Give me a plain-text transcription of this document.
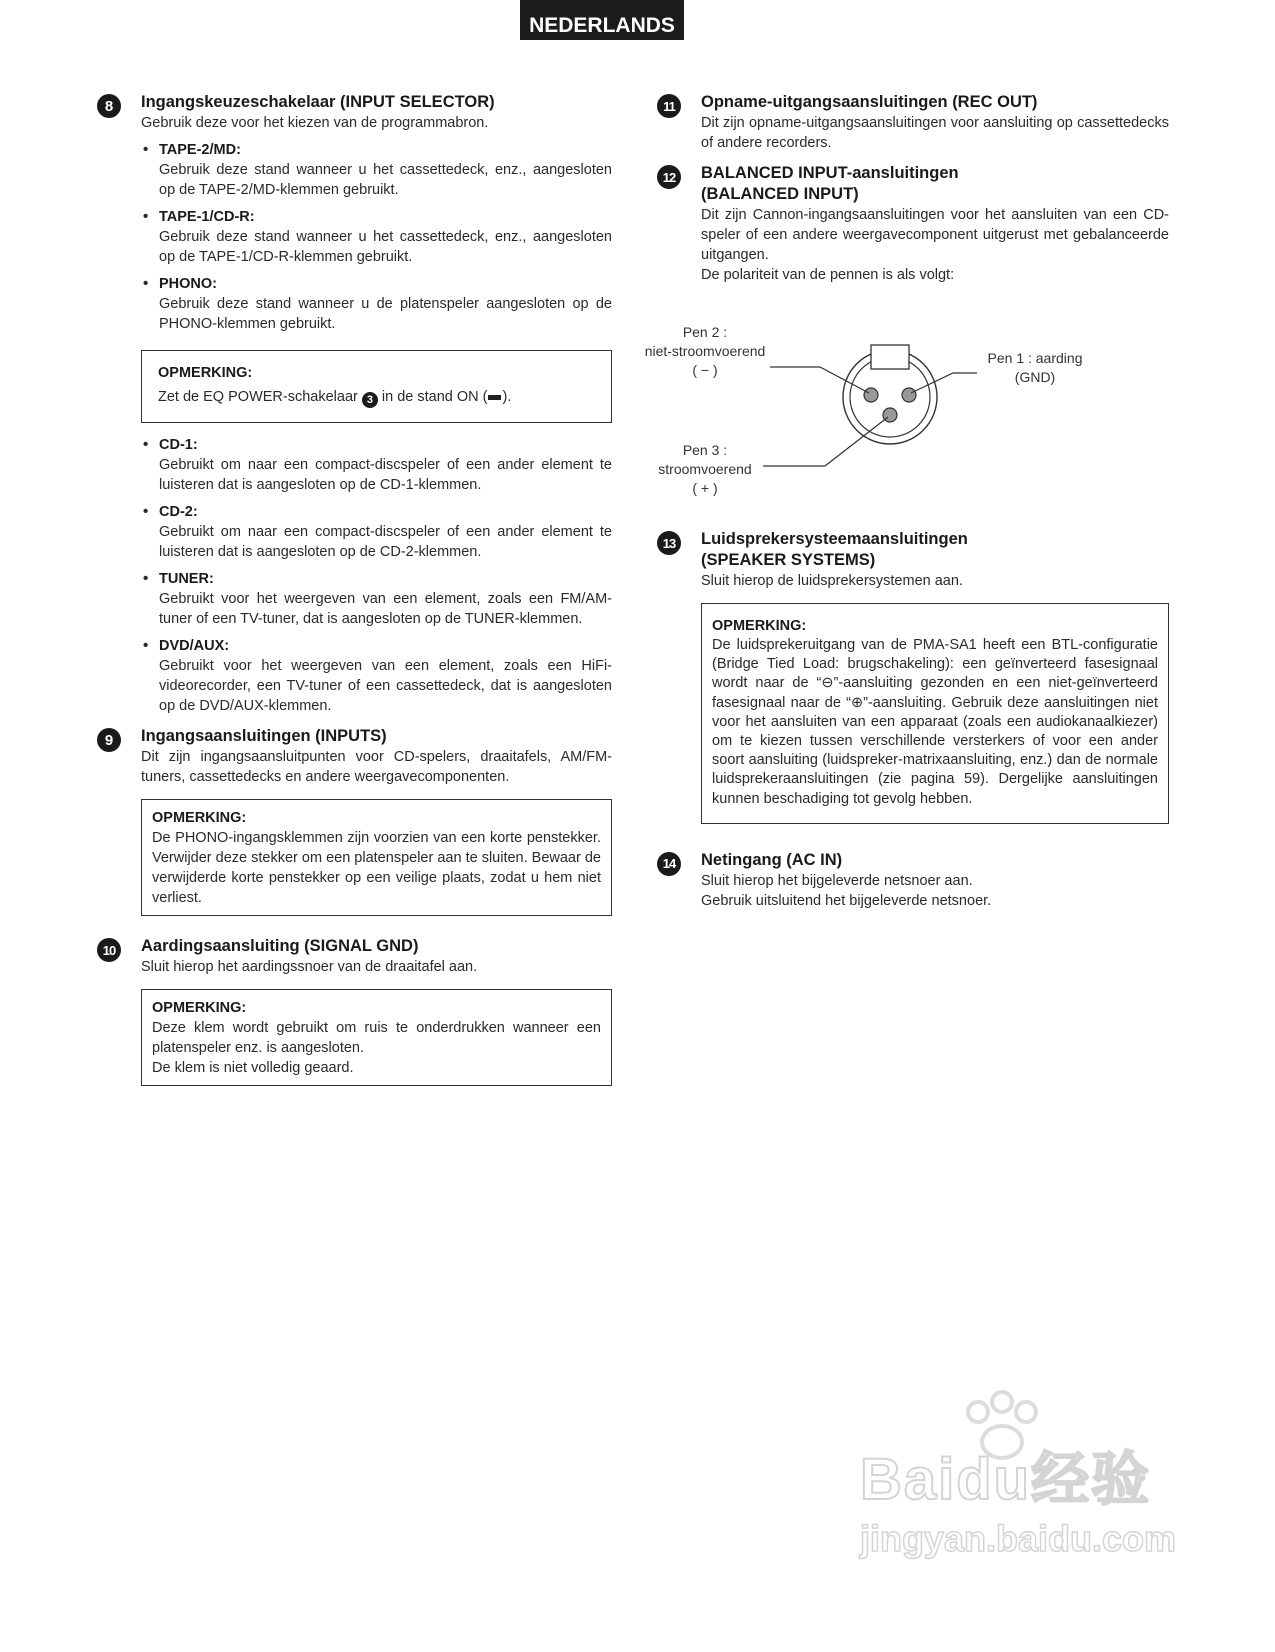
NEDERLANDS
8	Ingangskeuzeschakelaar (INPUT SELECTOR)
Gebruik deze voor het kiezen van de programmabron.
• TAPE-2/MD:
Gebruik deze stand wanneer u het cassettedeck, enz., aangesloten op de TAPE-2/MD-klemmen gebruikt.
• TAPE-1/CD-R:
Gebruik deze stand wanneer u het cassettedeck, enz., aangesloten op de TAPE-1/CD-R-klemmen gebruikt.
• PHONO:
Gebruik deze stand wanneer u de platenspeler aangesloten op de PHONO-klemmen gebruikt.
OPMERKING:
Zet de EQ POWER-schakelaar 3 in de stand ON ( ).
• CD-1:
Gebruikt om naar een compact-discspeler of een ander element te luisteren dat is aangesloten op de CD-1-klemmen.
• CD-2:
Gebruikt om naar een compact-discspeler of een ander element te luisteren dat is aangesloten op de CD-2-klemmen.
• TUNER:
Gebruikt voor het weergeven van een element, zoals een FM/AM-tuner of een TV-tuner, dat is aangesloten op de TUNER-klemmen.
• DVD/AUX:
Gebruikt voor het weergeven van een element, zoals een HiFi-videorecorder, een TV-tuner of een cassettedeck, dat is aangesloten op de DVD/AUX-klemmen.
9	Ingangsaansluitingen (INPUTS)
Dit zijn ingangsaansluitpunten voor CD-spelers, draaitafels, AM/FM-tuners, cassettedecks en andere weergavecomponenten.
OPMERKING:
De PHONO-ingangsklemmen zijn voorzien van een korte penstekker. Verwijder deze stekker om een platenspeler aan te sluiten. Bewaar de verwijderde korte penstekker op een veilige plaats, zodat u hem niet verliest.
10	Aardingsaansluiting (SIGNAL GND)
Sluit hierop het aardingssnoer van de draaitafel aan.
OPMERKING:
Deze klem wordt gebruikt om ruis te onderdrukken wanneer een platenspeler enz. is aangesloten.
De klem is niet volledig geaard.
11	Opname-uitgangsaansluitingen (REC OUT)
Dit zijn opname-uitgangsaansluitingen voor aansluiting op cassettedecks of andere recorders.
12	BALANCED INPUT-aansluitingen
(BALANCED INPUT)
Dit zijn Cannon-ingangsaansluitingen voor het aansluiten van een CD-speler of een andere weergavecomponent uitgerust met gebalanceerde uitgangen.
De polariteit van de pennen is als volgt:
Pen 2 :
niet-stroomvoerend
( − )
Pen 1 : aarding
(GND)
Pen 3 :
stroomvoerend
( + )
13	Luidsprekersysteemaansluitingen
(SPEAKER SYSTEMS)
Sluit hierop de luidsprekersystemen aan.
OPMERKING:
De luidsprekeruitgang van de PMA-SA1 heeft een BTL-configuratie (Bridge Tied Load: brugschakeling): een geïnverteerd fasesignaal wordt naar de “⊖”-aansluiting gezonden en een niet-geïnverteerd fasesignaal naar de “⊕”-aansluiting. Gebruik deze aansluitingen niet voor het aansluiten van een apparaat (zoals een audiokanaalkiezer) om te kiezen tussen verschillende versterkers of voor een ander soort aansluiting (luidspreker-matrixaansluiting, enz.) dan de normale luidsprekeraansluitingen (zie pagina 59). Dergelijke aansluitingen kunnen beschadiging tot gevolg hebben.
14	Netingang (AC IN)
Sluit hierop het bijgeleverde netsnoer aan.
Gebruik uitsluitend het bijgeleverde netsnoer.
Baidu经验
jingyan.baidu.com
